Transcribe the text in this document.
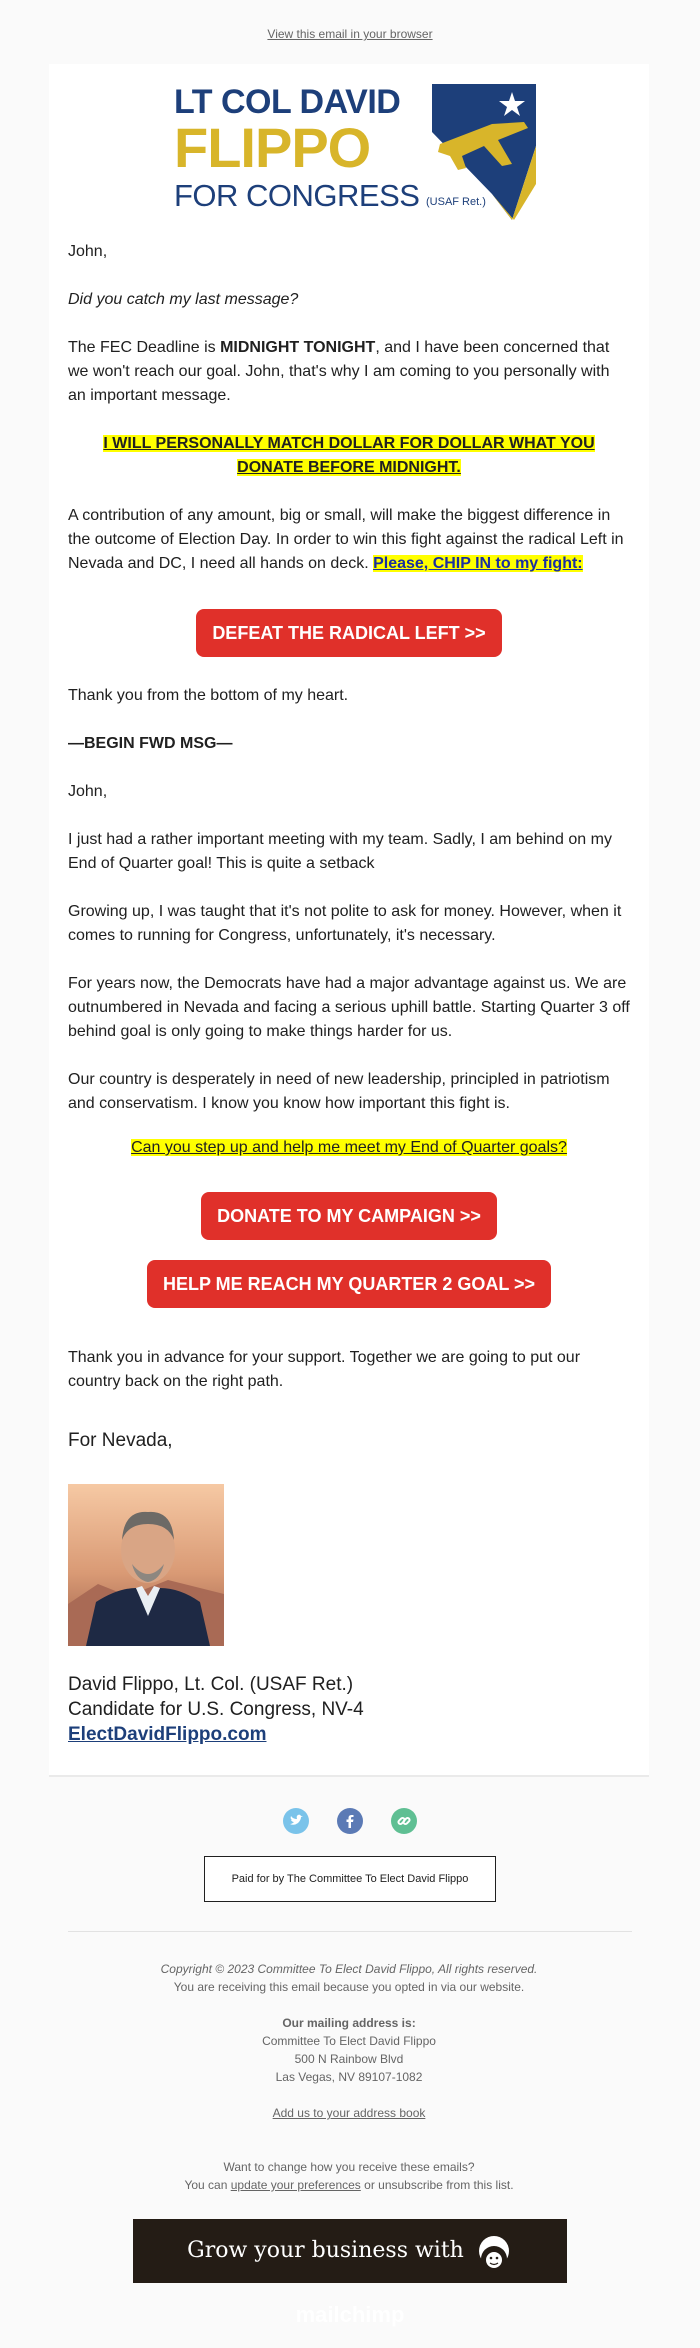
View this email in your browser
LT COL DAVID
FLIPPO
FOR CONGRESS (USAF Ret.)

John,

Did you catch my last message?

The FEC Deadline is MIDNIGHT TONIGHT, and I have been concerned that we won't reach our goal. John, that's why I am coming to you personally with an important message.

I WILL PERSONALLY MATCH DOLLAR FOR DOLLAR WHAT YOU DONATE BEFORE MIDNIGHT.

A contribution of any amount, big or small, will make the biggest difference in the outcome of Election Day. In order to win this fight against the radical Left in Nevada and DC, I need all hands on deck. Please, CHIP IN to my fight:

DEFEAT THE RADICAL LEFT >>

Thank you from the bottom of my heart.

—BEGIN FWD MSG—

John,

I just had a rather important meeting with my team. Sadly, I am behind on my End of Quarter goal! This is quite a setback

Growing up, I was taught that it's not polite to ask for money. However, when it comes to running for Congress, unfortunately, it's necessary.

For years now, the Democrats have had a major advantage against us. We are outnumbered in Nevada and facing a serious uphill battle. Starting Quarter 3 off behind goal is only going to make things harder for us.

Our country is desperately in need of new leadership, principled in patriotism and conservatism. I know you know how important this fight is.

Can you step up and help me meet my End of Quarter goals?

DONATE TO MY CAMPAIGN >>
HELP ME REACH MY QUARTER 2 GOAL >>

Thank you in advance for your support. Together we are going to put our country back on the right path.

For Nevada,

David Flippo, Lt. Col. (USAF Ret.)

Candidate for U.S. Congress, NV-4

ElectDavidFlippo.com

Paid for by The Committee To Elect David Flippo

Copyright © 2023 Committee To Elect David Flippo, All rights reserved.

You are receiving this email because you opted in via our website.

Our mailing address is:

Committee To Elect David Flippo

500 N Rainbow Blvd

Las Vegas, NV 89107-1082

Add us to your address book

Want to change how you receive these emails?

You can update your preferences or unsubscribe from this list.

Grow your business with  mailchimp
